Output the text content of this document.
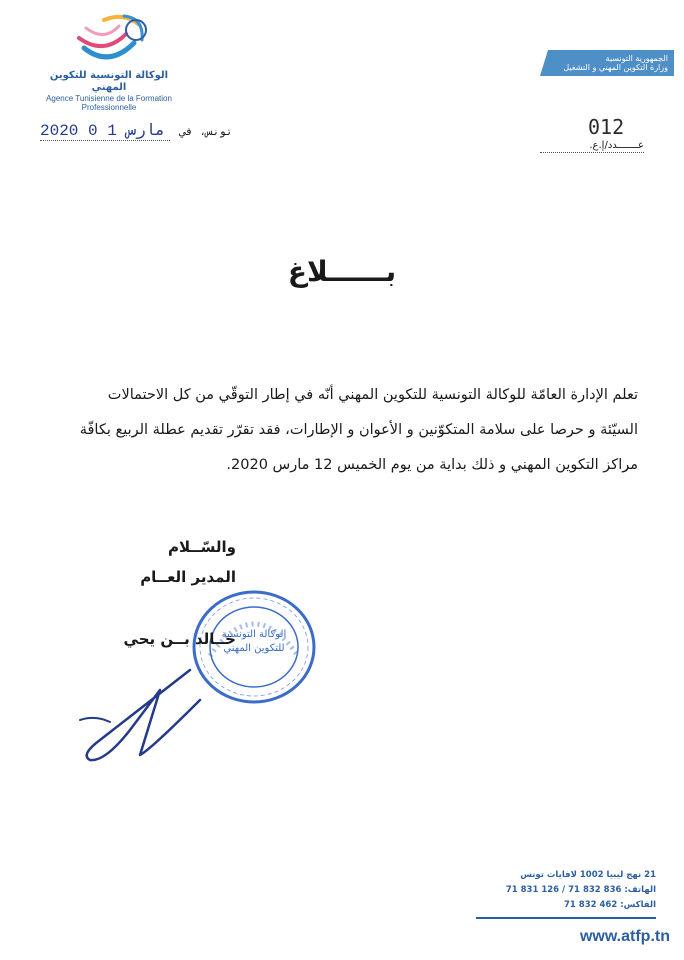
الوكالة التونسية للتكوين المهني
Agence Tunisienne de la Formation
Professionnelle
الجمهورية التونسية
وزارة التكوين المهني و التشغيل
2020 مارس 1 0 تونس، في	012
عـــــــدد/إ.ع.
بــــــلاغ
تعلم الإدارة العامّة للوكالة التونسية للتكوين المهني أنّه في إطار التوقّي من كل الاحتمالات
السيّئة و حرصا على سلامة المتكوّنين و الأعوان و الإطارات، فقد تقرّر تقديم عطلة الربيع بكافّة
مراكز التكوين المهني و ذلك بداية من يوم الخميس 12 مارس 2020.
والسّــلام
المدير العــام
الوكالة التونسية
للتكوين المهني
خــالد بــن يحي
21 نهج ليبيا 1002 لافايات تونس
الهاتف: 836 832 71 / 126 831 71
الفاكس: 462 832 71
www.atfp.tn
